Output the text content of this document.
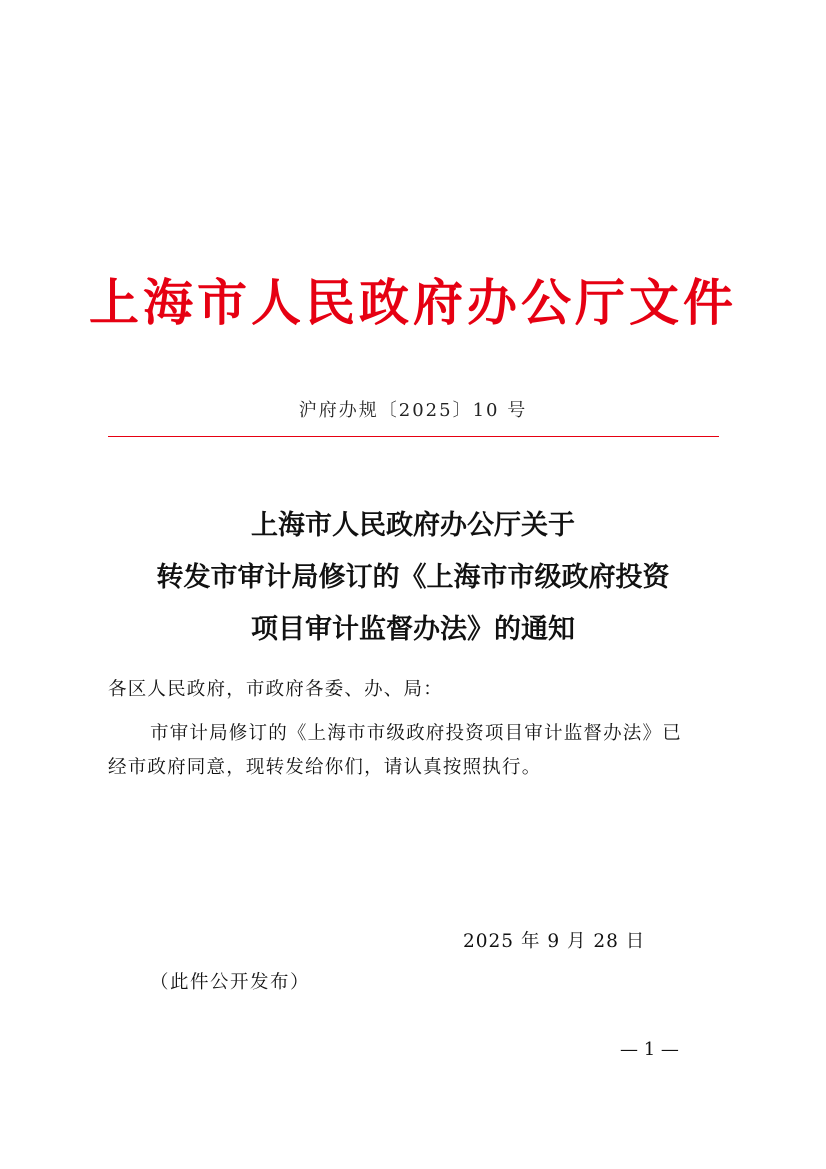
上海市人民政府办公厅文件
沪府办规〔2025〕10 号
上海市人民政府办公厅关于
转发市审计局修订的《上海市市级政府投资
项目审计监督办法》的通知
各区人民政府，市政府各委、办、局：
市审计局修订的《上海市市级政府投资项目审计监督办法》已
经市政府同意，现转发给你们，请认真按照执行。
2025 年 9 月 28 日
（此件公开发布）
— 1 —
